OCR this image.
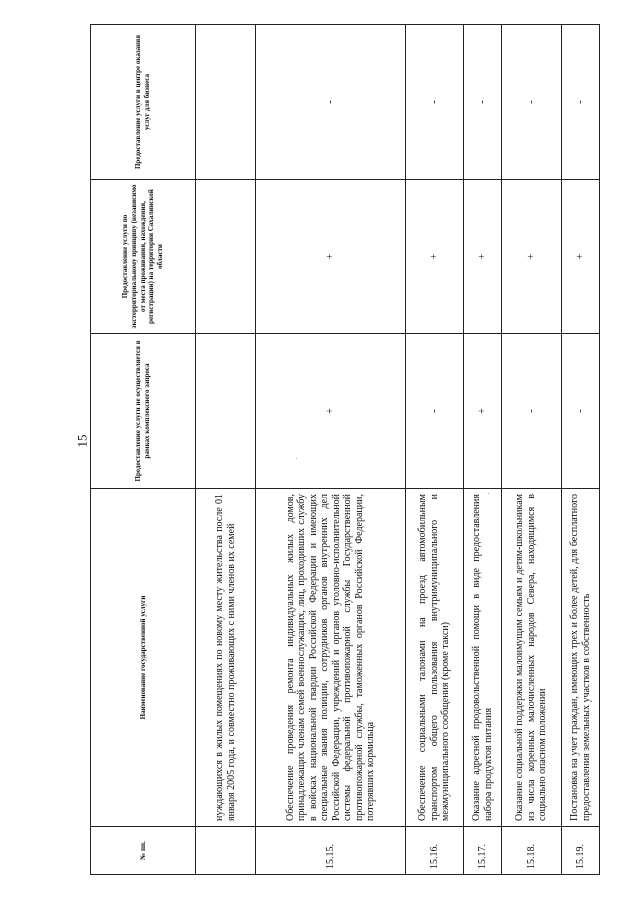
15
№ пп.	Наименование государственной услуги	Предоставление услуги не осуществляется в рамках комплексного запроса	Предоставление услуги по экстерриториальному принципу (независимо от места проживания, нахождения, регистрации) на территории Сахалинской области	Предоставление услуги в центре оказания услуг для бизнеса
	нуждающихся в жилых помещениях по новому месту жительства после 01 января 2005 года, и совместно проживающих с ними членов их семей			
15.15.	Обеспечение проведения ремонта индивидуальных жилых домов, принадлежащих членам семей военнослужащих, лиц, проходивших службу в войсках национальной гвардии Российской Федерации и имеющих специальные звания полиции, сотрудников органов внутренних дел Российской Федерации, учреждений и органов уголовно-исполнительной системы федеральной противопожарной службы Государственной противопожарной службы, таможенных органов Российской Федерации, потерявших кормильца	+	+	-
15.16.	Обеспечение социальными талонами на проезд автомобильным транспортом общего пользования внутримуниципального и межмуниципального сообщения (кроме такси)	-	+	-
15.17.	Оказание адресной продовольственной помощи в виде предоставления набора продуктов питания	+	+	-
15.18.	Оказание социальной поддержки малоимущим семьям и детям-школьникам из числа коренных малочисленных народов Севера, находящимся в социально опасном положении	-	+	-
15.19.	Постановка на учет граждан, имеющих трех и более детей, для бесплатного предоставления земельных участков в собственность	-	+	-
